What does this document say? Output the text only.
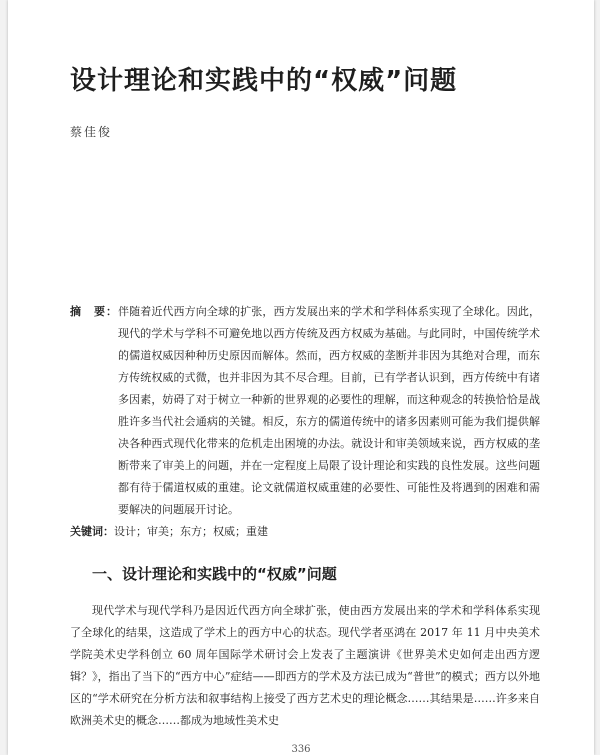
设计理论和实践中的“权威”问题

蔡佳俊

摘　要： 伴随着近代西方向全球的扩张，西方发展出来的学术和学科体系实现了全球化。因此，现代的学术与学科不可避免地以西方传统及西方权威为基础。与此同时，中国传统学术的儒道权威因种种历史原因而解体。然而，西方权威的垄断并非因为其绝对合理，而东方传统权威的式微，也并非因为其不尽合理。目前，已有学者认识到，西方传统中有诸多因素，妨碍了对于树立一种新的世界观的必要性的理解，而这种观念的转换恰恰是战胜许多当代社会通病的关键。相反，东方的儒道传统中的诸多因素则可能为我们提供解决各种西式现代化带来的危机走出困境的办法。就设计和审美领域来说，西方权威的垄断带来了审美上的问题，并在一定程度上局限了设计理论和实践的良性发展。这些问题都有待于儒道权威的重建。论文就儒道权威重建的必要性、可能性及将遇到的困难和需要解决的问题展开讨论。

关键词： 设计；审美；东方；权威；重建
一、设计理论和实践中的“权威”问题

现代学术与现代学科乃是因近代西方向全球扩张，使由西方发展出来的学术和学科体系实现了全球化的结果，这造成了学术上的西方中心的状态。现代学者巫鸿在 2017 年 11 月中央美术学院美术史学科创立 60 周年国际学术研讨会上发表了主题演讲《世界美术史如何走出西方逻辑？》，指出了当下的“西方中心”症结——即西方的学术及方法已成为“普世”的模式；西方以外地区的“学术研究在分析方法和叙事结构上接受了西方艺术史的理论概念……其结果是……许多来自欧洲美术史的概念……都成为地域性美术史

336
